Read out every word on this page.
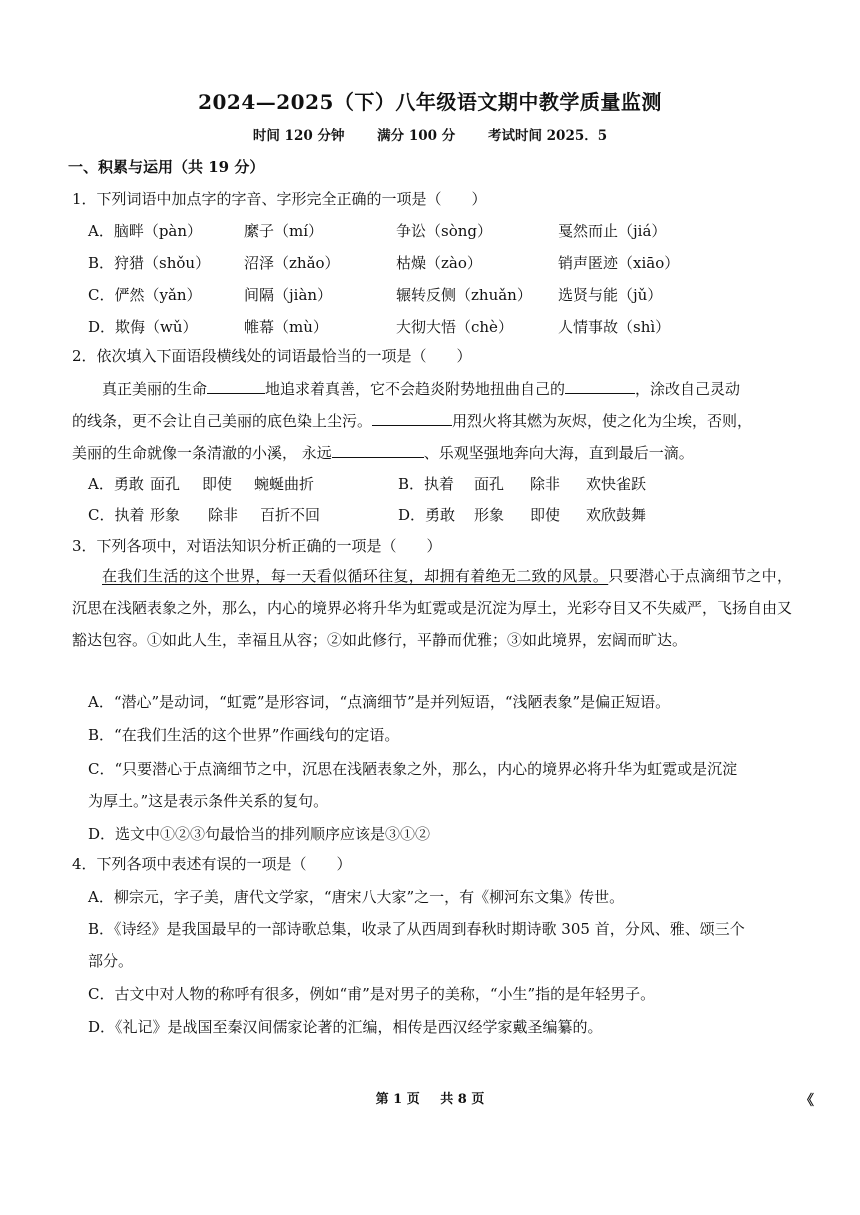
2024—2025（下）八年级语文期中教学质量监测
时间 120 分钟 满分 100 分 考试时间 2025．5
一、积累与运用（共 19 分）
1．下列词语中加点字的字音、字形完全正确的一项是（　　）
A．脑畔（pàn）	縻子（mí）	争讼（sòng）	戛然而止（jiá）
B．狩猎（shǒu） 沼泽（zhǎo）	枯燥（zào）	销声匿迹（xiāo）
C．俨然（yǎn）	间隔（jiàn）	辗转反侧（zhuǎn） 选贤与能（jǔ）
D．欺侮（wǔ）	帷幕（mù）	大彻大悟（chè）	人情事故（shì）
2．依次填入下面语段横线处的词语最恰当的一项是（　　）
真正美丽的生命	地追求着真善，它不会趋炎附势地扭曲自己的	，涂改自己灵动
的线条，更不会让自己美丽的底色染上尘污。	用烈火将其燃为灰烬，使之化为尘埃，否则，
美丽的生命就像一条清澈的小溪， 永远	、乐观坚强地奔向大海，直到最后一滴。
A．勇敢 面孔 即使 蜿蜒曲折	B．执着 面孔 除非 欢快雀跃
C．执着 形象 除非 百折不回	D．勇敢 形象 即使 欢欣鼓舞
3．下列各项中，对语法知识分析正确的一项是（　　）
在我们生活的这个世界，每一天看似循环往复，却拥有着绝无二致的风景。只要潜心于点滴细节之中，沉思在浅陋表象之外，那么，内心的境界必将升华为虹霓或是沉淀为厚土，光彩夺目又不失威严，飞扬自由又豁达包容。①如此人生，幸福且从容；②如此修行，平静而优雅；③如此境界，宏阔而旷达。
A．“潜心”是动词，“虹霓”是形容词，“点滴细节”是并列短语，“浅陋表象”是偏正短语。
B．“在我们生活的这个世界”作画线句的定语。
C．“只要潜心于点滴细节之中，沉思在浅陋表象之外，那么，内心的境界必将升华为虹霓或是沉淀
为厚土。”这是表示条件关系的复句。
D．选文中①②③句最恰当的排列顺序应该是③①②
4．下列各项中表述有误的一项是（　　）
A．柳宗元，字子美，唐代文学家，“唐宋八大家”之一，有《柳河东文集》传世。
B．《诗经》是我国最早的一部诗歌总集，收录了从西周到春秋时期诗歌 305 首，分风、雅、颂三个
部分。
C．古文中对人物的称呼有很多，例如“甫”是对男子的美称，“小生”指的是年轻男子。
D．《礼记》是战国至秦汉间儒家论著的汇编，相传是西汉经学家戴圣编纂的。
第 1 页 共 8 页	《
